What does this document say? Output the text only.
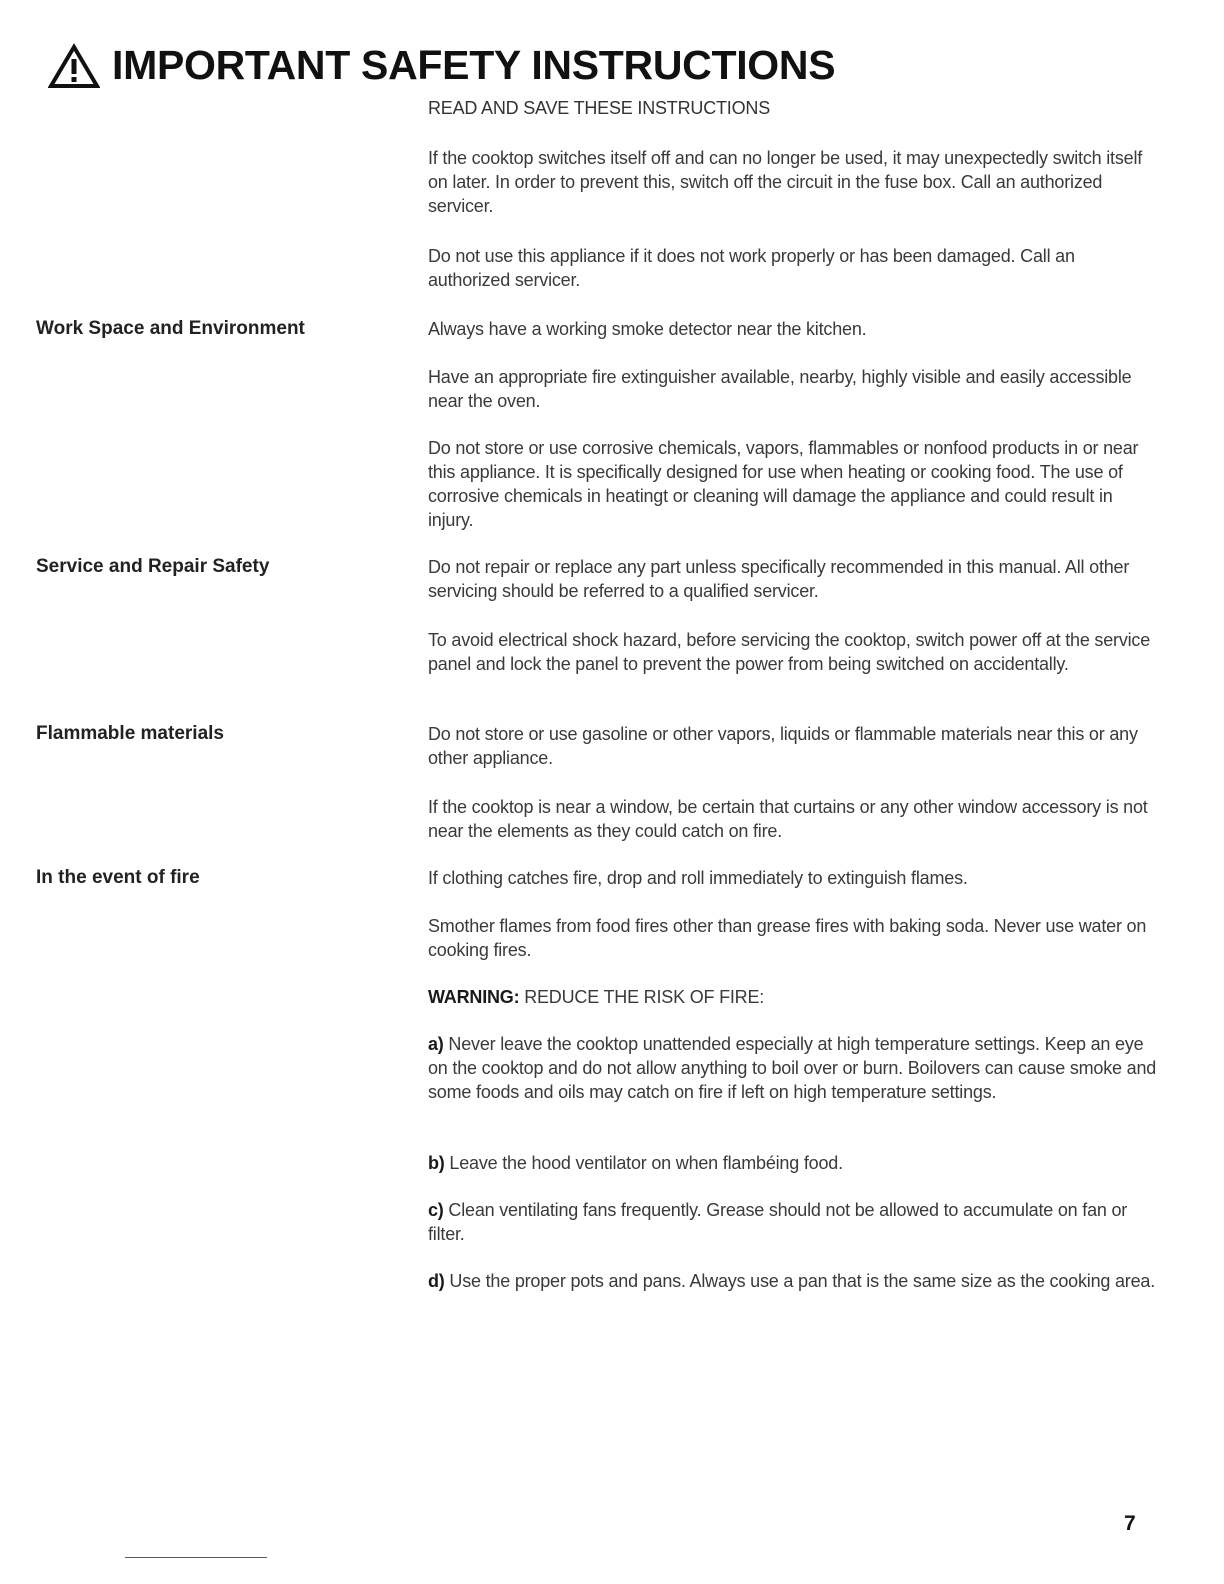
IMPORTANT SAFETY INSTRUCTIONS
READ AND SAVE THESE INSTRUCTIONS

If the cooktop switches itself off and can no longer be used, it may unexpectedly switch itself on later. In order to prevent this, switch off the circuit in the fuse box. Call an authorized servicer.

Do not use this appliance if it does not work properly or has been damaged. Call an authorized servicer.

Work Space and Environment	Always have a working smoke detector near the kitchen.

Have an appropriate fire extinguisher available, nearby, highly visible and easily accessible near the oven.

Do not store or use corrosive chemicals, vapors, flammables or nonfood products in or near this appliance. It is specifically designed for use when heating or cooking food. The use of corrosive chemicals in heatingt or cleaning will damage the appliance and could result in injury.

Service and Repair Safety	Do not repair or replace any part unless specifically recommended in this manual. All other servicing should be referred to a qualified servicer.

To avoid electrical shock hazard, before servicing the cooktop, switch power off at the service panel and lock the panel to prevent the power from being switched on accidentally.

Flammable materials	Do not store or use gasoline or other vapors, liquids or flammable materials near this or any other appliance.

If the cooktop is near a window, be certain that curtains or any other window accessory is not near the elements as they could catch on fire.

In the event of fire	If clothing catches fire, drop and roll immediately to extinguish flames.

Smother flames from food fires other than grease fires with baking soda. Never use water on cooking fires.

WARNING: REDUCE THE RISK OF FIRE:

a) Never leave the cooktop unattended especially at high temperature settings. Keep an eye on the cooktop and do not allow anything to boil over or burn. Boilovers can cause smoke and some foods and oils may catch on fire if left on high temperature settings.

b) Leave the hood ventilator on when flambéing food.

c) Clean ventilating fans frequently. Grease should not be allowed to accumulate on fan or filter.

d) Use the proper pots and pans. Always use a pan that is the same size as the cooking area.

7
